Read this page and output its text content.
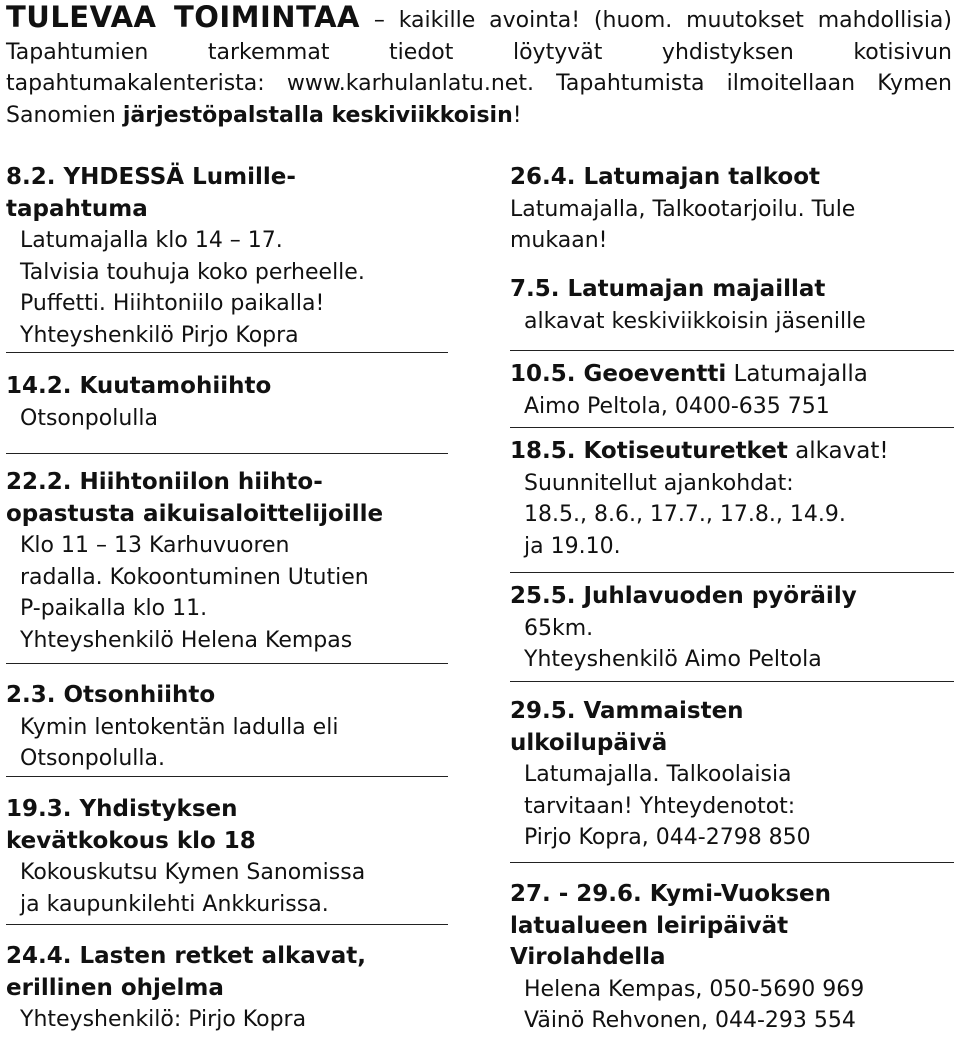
TULEVAA TOIMINTAA – kaikille avointa! (huom. muutokset mahdollisia) Tapahtumien tarkemmat tiedot löytyvät yhdistyksen kotisivun tapahtumakalenterista: www.karhulanlatu.net. Tapahtumista ilmoitellaan Kymen Sanomien järjestöpalstalla keskiviikkoisin!
8.2. YHDESSÄ Lumille-
tapahtuma
Latumajalla klo 14 – 17.
Talvisia touhuja koko perheelle.
Puffetti. Hiihtoniilo paikalla!
Yhteyshenkilö Pirjo Kopra
14.2. Kuutamohiihto
Otsonpolulla
22.2. Hiihtoniilon hiihto-
opastusta aikuisaloittelijoille
Klo 11 – 13 Karhuvuoren
radalla. Kokoontuminen Ututien
P-paikalla klo 11.
Yhteyshenkilö Helena Kempas
2.3. Otsonhiihto
Kymin lentokentän ladulla eli
Otsonpolulla.
19.3. Yhdistyksen
kevätkokous klo 18
Kokouskutsu Kymen Sanomissa
ja kaupunkilehti Ankkurissa.
24.4. Lasten retket alkavat,
erillinen ohjelma
Yhteyshenkilö: Pirjo Kopra
26.4. Latumajan talkoot
Latumajalla, Talkootarjoilu. Tule
mukaan!
7.5. Latumajan majaillat
alkavat keskiviikkoisin jäsenille
10.5. Geoeventti Latumajalla
Aimo Peltola, 0400-635 751
18.5. Kotiseuturetket alkavat!
Suunnitellut ajankohdat:
18.5., 8.6., 17.7., 17.8., 14.9.
ja 19.10.
25.5. Juhlavuoden pyöräily
65km.
Yhteyshenkilö Aimo Peltola
29.5. Vammaisten
ulkoilupäivä
Latumajalla. Talkoolaisia
tarvitaan! Yhteydenotot:
Pirjo Kopra, 044-2798 850
27. - 29.6. Kymi-Vuoksen
latualueen leiripäivät
Virolahdella
Helena Kempas, 050-5690 969
Väinö Rehvonen, 044-293 554
